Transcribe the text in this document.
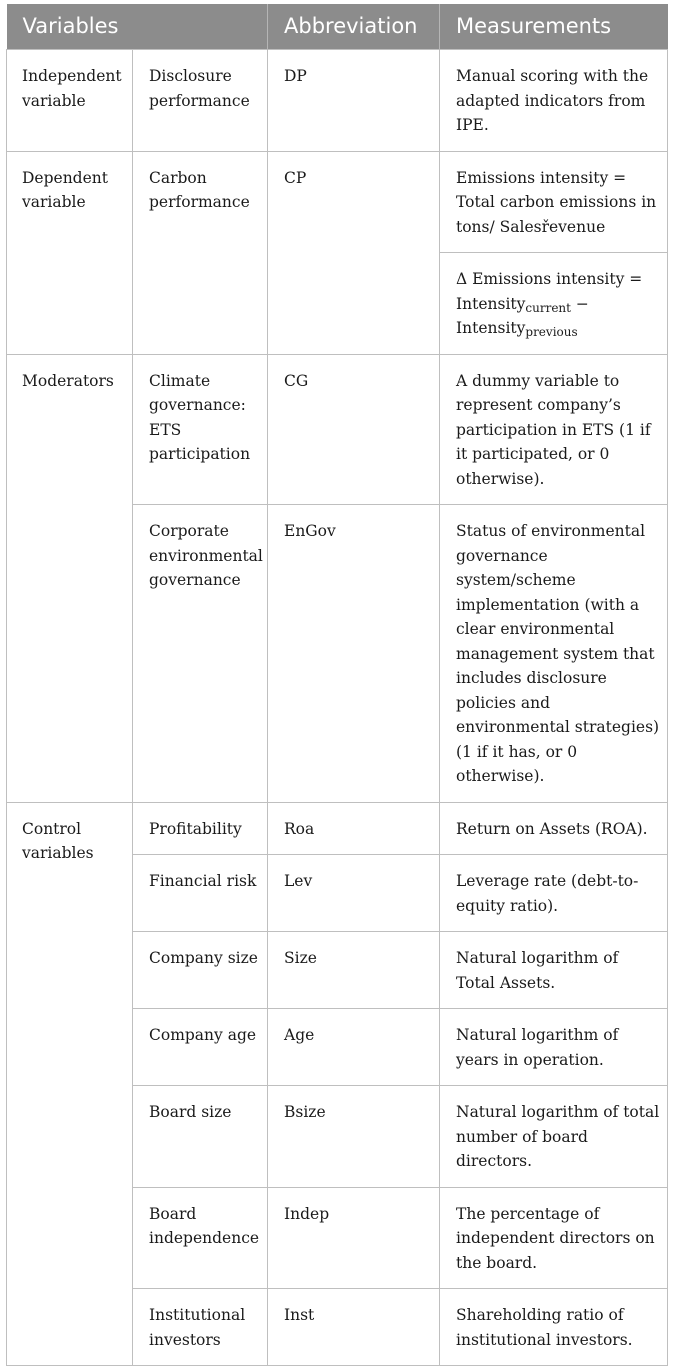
Variables		Abbreviation	Measurements
Independent variable	Disclosure performance	DP	Manual scoring with the adapted indicators from IPE.
Dependent variable	Carbon performance	CP	Emissions intensity = Total carbon emissions in tons/ Salesřevenue
			Δ Emissions intensity = Intensity$_{current}$ − Intensity$_{previous}$
Moderators	Climate governance: ETS participation	CG	A dummy variable to represent company’s participation in ETS (1 if it participated, or 0 otherwise).
	Corporate environmental governance	EnGov	Status of environmental governance system/scheme implementation (with a clear environmental management system that includes disclosure policies and environmental strategies) (1 if it has, or 0 otherwise).
Control variables	Profitability	Roa	Return on Assets (ROA).
	Financial risk	Lev	Leverage rate (debt-to-equity ratio).
	Company size	Size	Natural logarithm of Total Assets.
	Company age	Age	Natural logarithm of years in operation.
	Board size	Bsize	Natural logarithm of total number of board directors.
	Board independence	Indep	The percentage of independent directors on the board.
	Institutional investors	Inst	Shareholding ratio of institutional investors.
